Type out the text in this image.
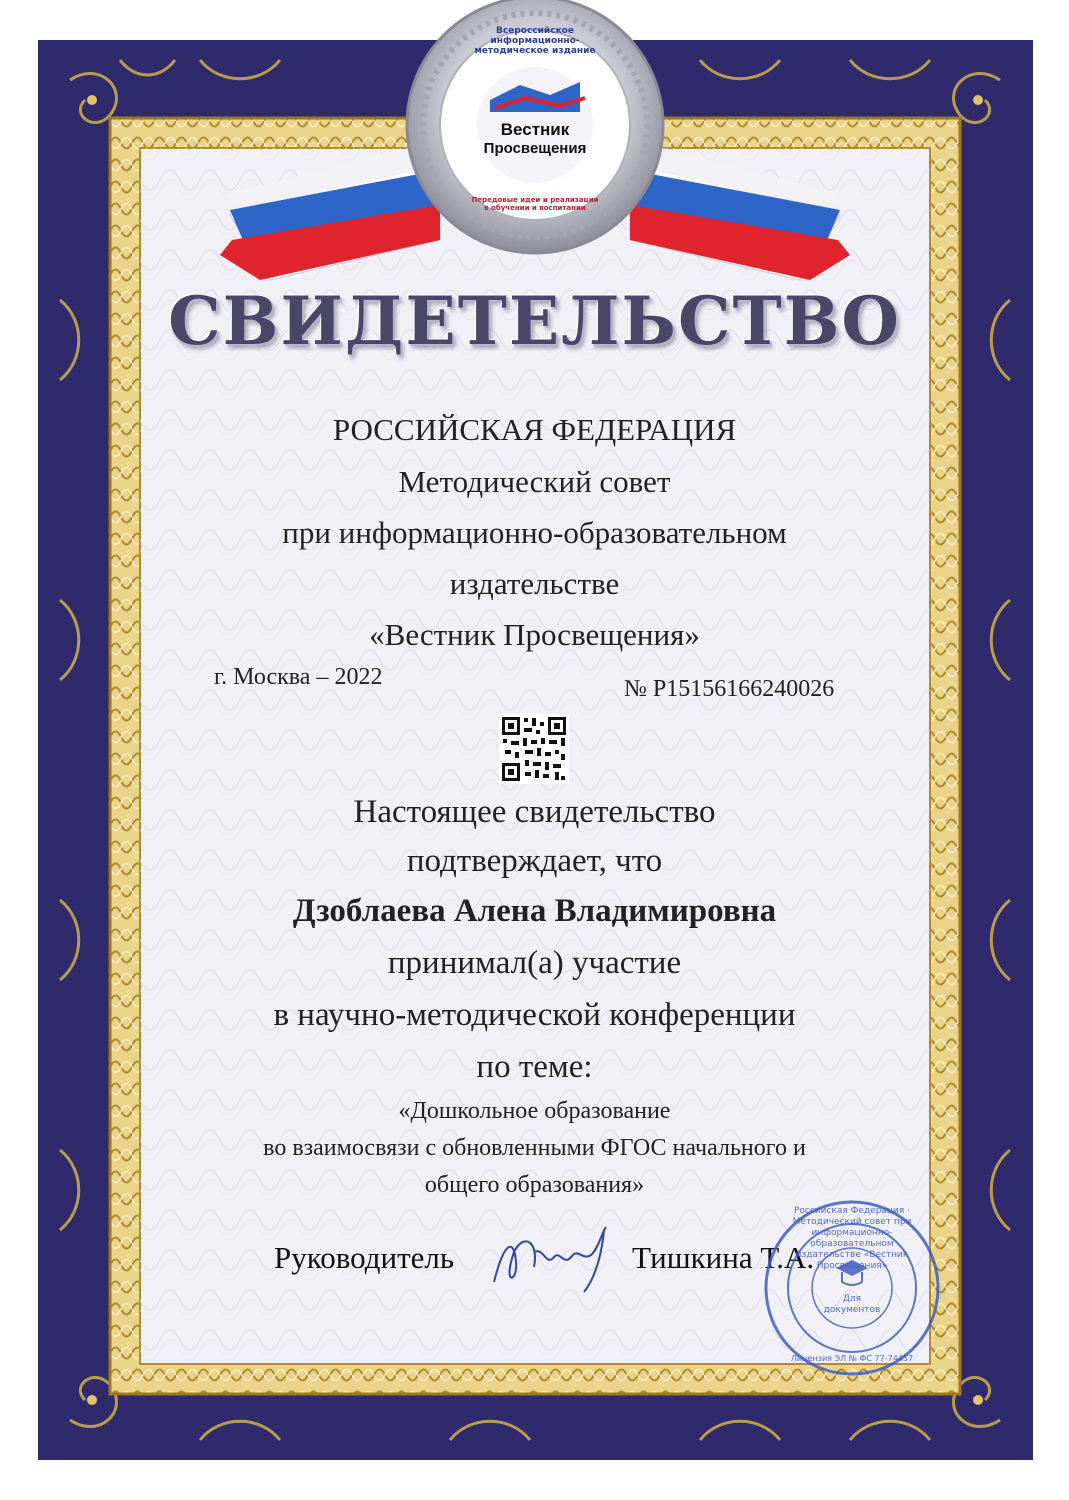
Всероссийское информационно-методическое издание
Передовые идеи и реализации в обучении и воспитании
Вестник
Просвещения
СВИДЕТЕЛЬСТВО
РОССИЙСКАЯ ФЕДЕРАЦИЯ
Методический совет
при информационно-образовательном
издательстве
«Вестник Просвещения»
г. Москва – 2022	№ P15156166240026
Настоящее свидетельство
подтверждает, что
Дзоблаева Алена Владимировна
принимал(а) участие
в научно-методической конференции
по теме:
«Дошкольное образование
во взаимосвязи с обновленными ФГОС начального и
общего образования»
Руководитель	Тишкина Т.А.
Российская Федерация · Методический совет при информационно-образовательном издательстве «Вестник Просвещения»
Для
документов
Лицензия ЭЛ № ФС 77-74457
